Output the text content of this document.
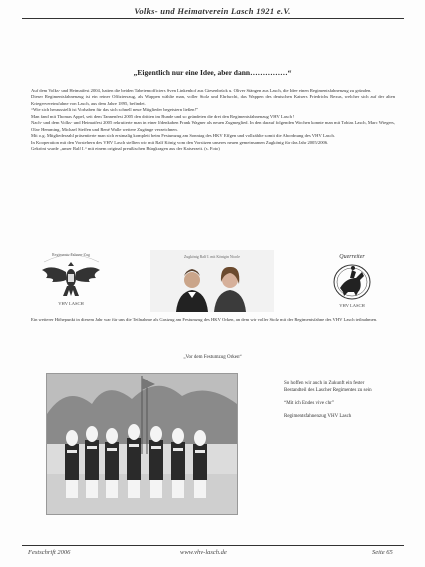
Volks- und Heimatverein Lasch 1921 e.V.
„Eigentlich nur eine Idee, aber dann……………“

Auf dem Volks- und Heimatfest 2004, hatten die beiden Tabeiemofficiers Sven Linkenhof aus Giesenbrück u. Oliver Stängen aus Lasch, die Idee einen Regimentsfahnenzug zu gründen.

Dieser Regimentsfahnenzug ist ein reiner Offizierszug, als Wappen wählte man, voller Stolz und Ehrfurcht, das Wappen des deutschen Kaisers Friedrichs Rexus, welcher sich auf der alten Kriegervereinsfahne von Lasch, aus dem Jahre 1895, befindet.

“Wie sich herausstellt ist Vorhaben für das sich schnell neue Mitglieder begeistern ließen!”

Man fand mit Thomas Appel, seit dem Tannenfest 2005 den dritten im Bunde und so gründeten die drei den Regimentsfahnenzug VHV Lasch !

Nach- und dem Volks- und Heimatfest 2005 rekrutierte man in einer lfdenkaben Frank Wagner als neuen Zugmeglied. In den darauf folgenden Wochen konnte man mit Tobias Lasch, Marc Wiegers, Olav Hemming, Michael Steffen und René Walle weitere Zugänge verzeichnen.

Mit o.g. Mitgliederzahl präsentierte man sich erstmalig komplett beim Festumzug am Sonntag des HKV Effgen und vollzählte somit die Abordnung des VHV Lasch.

In Kooperation mit den Vorstehern des VHV Lasch stellten wir mit Ralf König vom den Vorsitzen unseres neuen gemeinsamen Zugkönig für das Jahr 2005/2006.

Gekrönt wurde „unser Ralf I.“ mit einem original preußischen Bürgkragen aus der Kaiserzeit. (s. Foto)

Regiments-Fahnen-Zug
VHV LASCH
Zugkönig Ralf I. mit Königin Nicole	Querreiter
VHV LASCH
Ein weiterer Höhepunkt in diesem Jahr war für uns die Teilnahme als Gastzug am Festumzug des HKV Orken, an dem wir voller Stolz mit der Regimentsfahne des VHV Lasch teilnahmen.
„Vor dem Festumzug Orken“

So hoffen wir auch in Zukunft ein fester Bestandteil des Lascher Regimentes zu sein

“Mit ich Endes vive chr”

Regimentsfahnenzug VHV Lasch

Festschrift 2006	www.vhv-lasch.de	Seite 65
